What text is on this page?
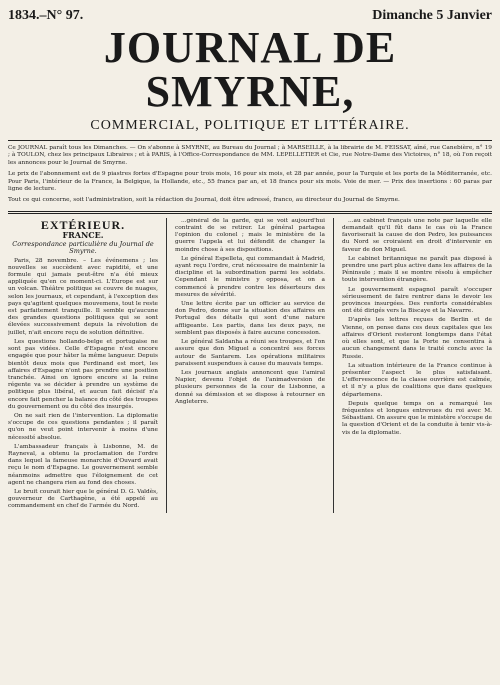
1834.–N° 97.	Dimanche 5 Janvier
JOURNAL DE SMYRNE,
COMMERCIAL, POLITIQUE ET LITTÉRAIRE.

Ce JOURNAL paraît tous les Dimanches. — On s'abonne à SMYRNE, au Bureau du Journal ; à MARSEILLE, à la librairie de M. FEISSAT, aîné, rue Canebière, n° 19 ; à TOULON, chez les principaux Libraires ; et à PARIS, à l'Office-Correspondance de MM. LEPELLETIER et Cie, rue Notre-Dame des Victoires, n° 18, où l'on reçoit les annonces pour le Journal de Smyrne.

Le prix de l'abonnement est de 9 piastres fortes d'Espagne pour trois mois, 16 pour six mois, et 28 par année, pour la Turquie et les ports de la Méditerranée, etc. Pour Paris, l'intérieur de la France, la Belgique, la Hollande, etc., 55 francs par an, et 18 francs pour six mois. Voie de mer. — Prix des insertions : 60 paras par ligne de lecture.

Tout ce qui concerne, soit l'administration, soit la rédaction du Journal, doit être adressé, franco, au directeur du Journal de Smyrne.

EXTÉRIEUR.
FRANCE.
Correspondance particulière du Journal de Smyrne.

Paris, 28 novembre. – Les événemens ; les nouvelles se succèdent avec rapidité, et une formule qui jamais peut-être n'a été mieux appliquée qu'en ce moment-ci. L'Europe est sur un volcan. Théâtre politique se couvre de nuages, selon les journaux, et cependant, à l'exception des pays qu'agitent quelques mouvemens, tout le reste est parfaitement tranquille. Il semble qu'aucune des grandes questions politiques qui se sont élevées successivement depuis la révolution de juillet, n'ait encore reçu de solution définitive.

Les questions hollando-belge et portugaise ne sont pas vidées. Celle d'Espagne n'est encore engagée que pour hâter la même langueur. Depuis bientôt deux mois que Ferdinand est mort, les affaires d'Espagne n'ont pas prendre une position tranchée. Ainsi on ignore encore si la reine régente va se décider à prendre un système de politique plus libéral, et aucun fait décisif n'a encore fait pencher la balance du côté des troupes du gouvernement ou du côté des insurgés.

On ne sait rien de l'intervention. La diplomatie s'occupe de ces questions pendantes ; il paraît qu'on ne veut point intervenir à moins d'une nécessité absolue.

L'ambassadeur français à Lisbonne, M. de Rayneval, a obtenu la proclamation de l'ordre dans lequel la fameuse monarchie d'Ouvard avait reçu le nom d'Espagne. Le gouvernement semble néanmoins admettre que l'éloignement de cet agent ne changera rien au fond des choses.

Le bruit courait hier que le général D. G. Valdès, gouverneur de Carthagène, a été appelé au commandement en chef de l'armée du Nord.

...général de la garde, qui se voit aujourd'hui contraint de se retirer. Le général partagea l'opinion du colonel ; mais le ministère de la guerre l'appela et lui défendit de changer la moindre chose à ses dispositions.

Le général Espelleta, qui commandait à Madrid, ayant reçu l'ordre, crut nécessaire de maintenir la discipline et la subordination parmi les soldats. Cependant le ministre y opposa, et on a commencé à prendre contre les déserteurs des mesures de sévérité.

Une lettre écrite par un officier au service de don Pedro, donne sur la situation des affaires en Portugal des détails qui sont d'une nature affligeante. Les partis, dans les deux pays, ne semblent pas disposés à faire aucune concession.

Le général Saldanha a réuni ses troupes, et l'on assure que don Miguel a concentré ses forces autour de Santarem. Les opérations militaires paraissent suspendues à cause du mauvais temps.

Les journaux anglais annoncent que l'amiral Napier, devenu l'objet de l'animadversion de plusieurs personnes de la cour de Lisbonne, a donné sa démission et se dispose à retourner en Angleterre.

...au cabinet français une note par laquelle elle demandait qu'il fût dans le cas où la France favoriserait la cause de don Pedro, les puissances du Nord se croiraient en droit d'intervenir en faveur de don Miguel.

Le cabinet britannique ne paraît pas disposé à prendre une part plus active dans les affaires de la Péninsule ; mais il se montre résolu à empêcher toute intervention étrangère.

Le gouvernement espagnol paraît s'occuper sérieusement de faire rentrer dans le devoir les provinces insurgées. Des renforts considérables ont été dirigés vers la Biscaye et la Navarre.

D'après les lettres reçues de Berlin et de Vienne, on pense dans ces deux capitales que les affaires d'Orient resteront longtemps dans l'état où elles sont, et que la Porte ne consentira à aucun changement dans le traité conclu avec la Russie.

La situation intérieure de la France continue à présenter l'aspect le plus satisfaisant. L'effervescence de la classe ouvrière est calmée, et il n'y a plus de coalitions que dans quelques départemens.

Depuis quelque temps on a remarqué les fréquentes et longues entrevues du roi avec M. Sébastiani. On assure que le ministère s'occupe de la question d'Orient et de la conduite à tenir vis-à-vis de la diplomatie.
